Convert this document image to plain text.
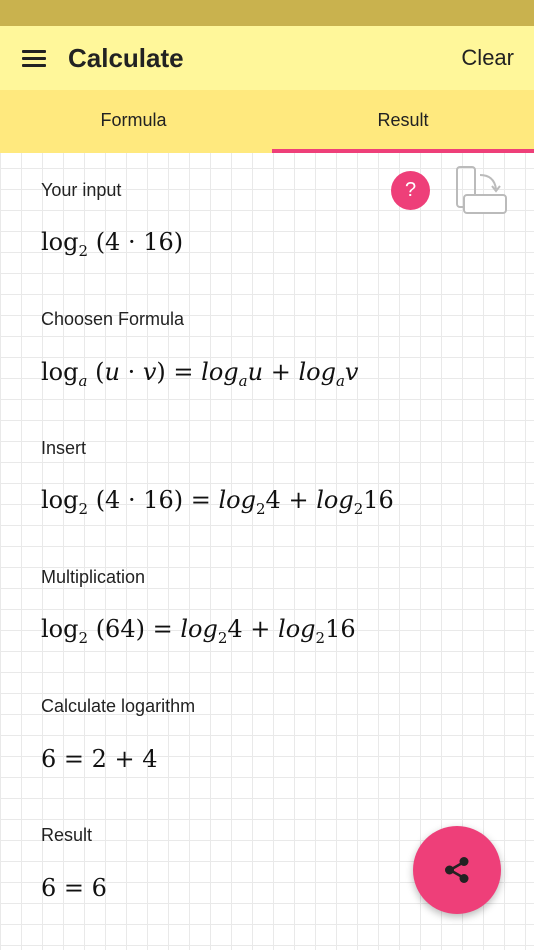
Calculate	Clear
Formula	Result
Your input
$\log_2 (4 \cdot 16)$
Choosen Formula
$\log_a (u \cdot v) = \log_au + \log_av$
Insert
$\log_2 (4 \cdot 16) = \log_24 + \log_216$
Multiplication
$\log_2 (64) = \log_24 + \log_216$
Calculate logarithm
6 = 2 + 4
Result
6 = 6
?
